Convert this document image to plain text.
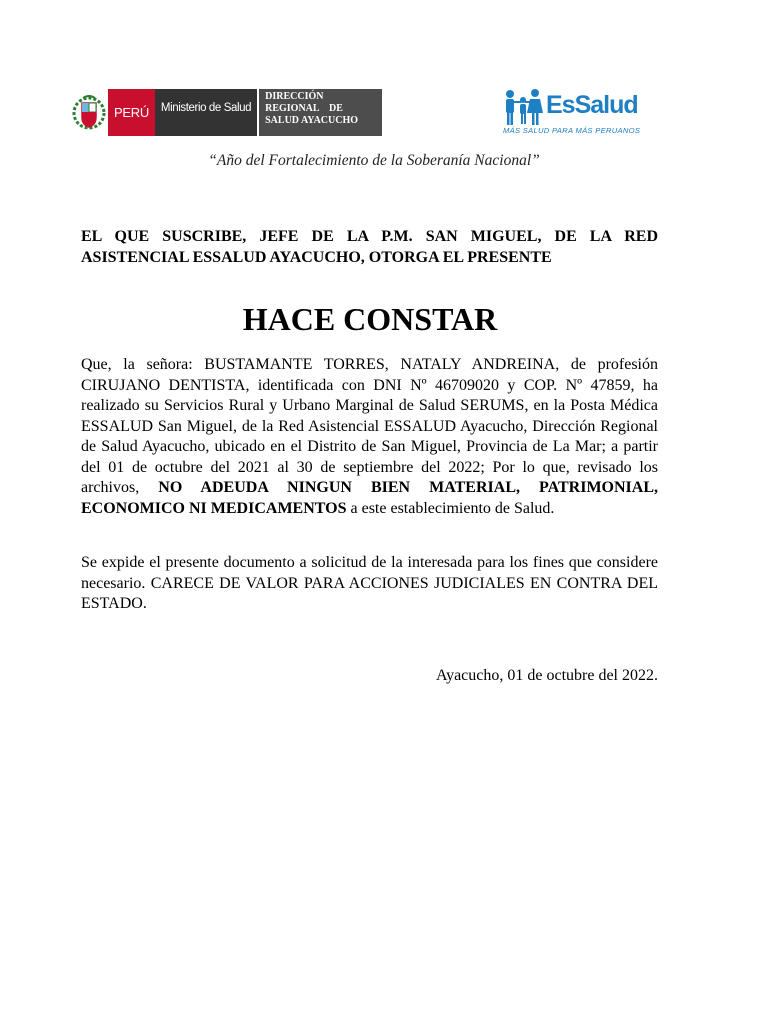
PERÚ	Ministerio de Salud
DIRECCIÓN
REGIONAL    DE
SALUD AYACUCHO
EsSalud
MÁS SALUD PARA MÁS PERUANOS
“Año del Fortalecimiento de la Soberanía Nacional”
EL QUE SUSCRIBE, JEFE DE LA P.M. SAN MIGUEL, DE LA RED ASISTENCIAL ESSALUD AYACUCHO, OTORGA EL PRESENTE
HACE CONSTAR

Que, la señora: BUSTAMANTE TORRES, NATALY ANDREINA, de profesión CIRUJANO DENTISTA, identificada con DNI Nº 46709020 y COP. Nº 47859, ha realizado su Servicios Rural y Urbano Marginal de Salud SERUMS, en la Posta Médica ESSALUD San Miguel, de la Red Asistencial ESSALUD Ayacucho, Dirección Regional de Salud Ayacucho, ubicado en el Distrito de San Miguel, Provincia de La Mar; a partir del 01 de octubre del 2021 al 30 de septiembre del 2022; Por lo que, revisado los archivos, NO ADEUDA NINGUN BIEN MATERIAL, PATRIMONIAL, ECONOMICO NI MEDICAMENTOS a este establecimiento de Salud.

Se expide el presente documento a solicitud de la interesada para los fines que considere necesario. CARECE DE VALOR PARA ACCIONES JUDICIALES EN CONTRA DEL ESTADO.

Ayacucho, 01 de octubre del 2022.
